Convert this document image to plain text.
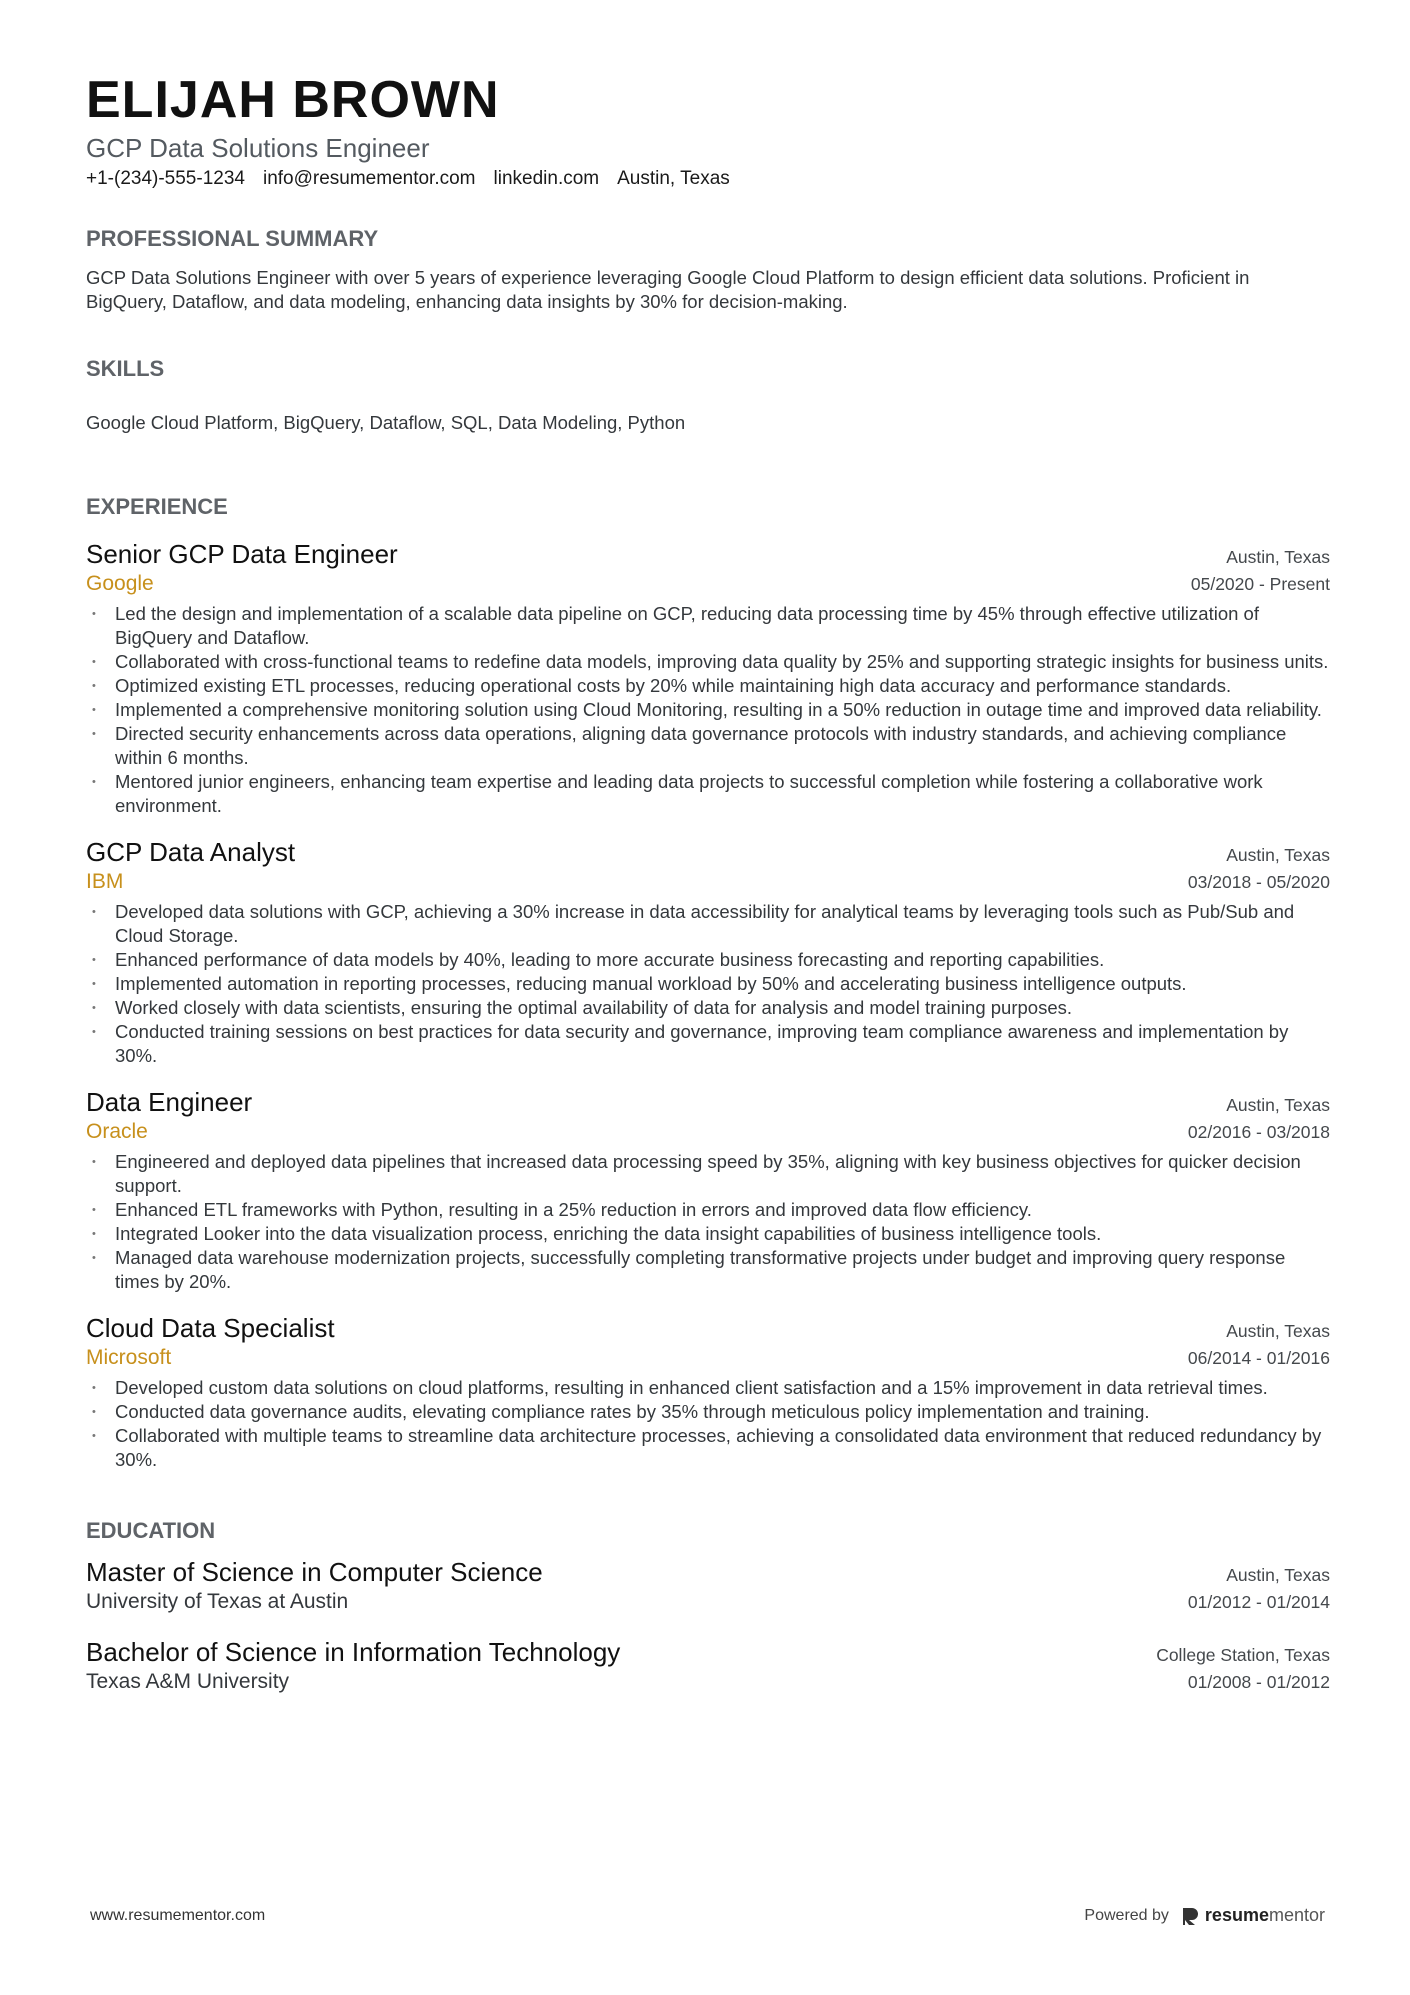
ELIJAH BROWN
GCP Data Solutions Engineer
+1-(234)-555-1234 info@resumementor.com linkedin.com Austin, Texas
PROFESSIONAL SUMMARY
GCP Data Solutions Engineer with over 5 years of experience leveraging Google Cloud Platform to design efficient data solutions. Proficient in BigQuery, Dataflow, and data modeling, enhancing data insights by 30% for decision-making.
SKILLS
Google Cloud Platform, BigQuery, Dataflow, SQL, Data Modeling, Python
EXPERIENCE
Senior GCP Data Engineer	Austin, Texas
Google	05/2020 - Present
• Led the design and implementation of a scalable data pipeline on GCP, reducing data processing time by 45% through effective utilization of BigQuery and Dataflow.
• Collaborated with cross-functional teams to redefine data models, improving data quality by 25% and supporting strategic insights for business units.
• Optimized existing ETL processes, reducing operational costs by 20% while maintaining high data accuracy and performance standards.
• Implemented a comprehensive monitoring solution using Cloud Monitoring, resulting in a 50% reduction in outage time and improved data reliability.
• Directed security enhancements across data operations, aligning data governance protocols with industry standards, and achieving compliance within 6 months.
• Mentored junior engineers, enhancing team expertise and leading data projects to successful completion while fostering a collaborative work environment.
GCP Data Analyst	Austin, Texas
IBM	03/2018 - 05/2020
• Developed data solutions with GCP, achieving a 30% increase in data accessibility for analytical teams by leveraging tools such as Pub/Sub and Cloud Storage.
• Enhanced performance of data models by 40%, leading to more accurate business forecasting and reporting capabilities.
• Implemented automation in reporting processes, reducing manual workload by 50% and accelerating business intelligence outputs.
• Worked closely with data scientists, ensuring the optimal availability of data for analysis and model training purposes.
• Conducted training sessions on best practices for data security and governance, improving team compliance awareness and implementation by 30%.
Data Engineer	Austin, Texas
Oracle	02/2016 - 03/2018
• Engineered and deployed data pipelines that increased data processing speed by 35%, aligning with key business objectives for quicker decision support.
• Enhanced ETL frameworks with Python, resulting in a 25% reduction in errors and improved data flow efficiency.
• Integrated Looker into the data visualization process, enriching the data insight capabilities of business intelligence tools.
• Managed data warehouse modernization projects, successfully completing transformative projects under budget and improving query response times by 20%.
Cloud Data Specialist	Austin, Texas
Microsoft	06/2014 - 01/2016
• Developed custom data solutions on cloud platforms, resulting in enhanced client satisfaction and a 15% improvement in data retrieval times.
• Conducted data governance audits, elevating compliance rates by 35% through meticulous policy implementation and training.
• Collaborated with multiple teams to streamline data architecture processes, achieving a consolidated data environment that reduced redundancy by 30%.
EDUCATION
Master of Science in Computer Science	Austin, Texas
University of Texas at Austin	01/2012 - 01/2014
Bachelor of Science in Information Technology	College Station, Texas
Texas A&M University	01/2008 - 01/2012
www.resumementor.com	Powered by resumementor
